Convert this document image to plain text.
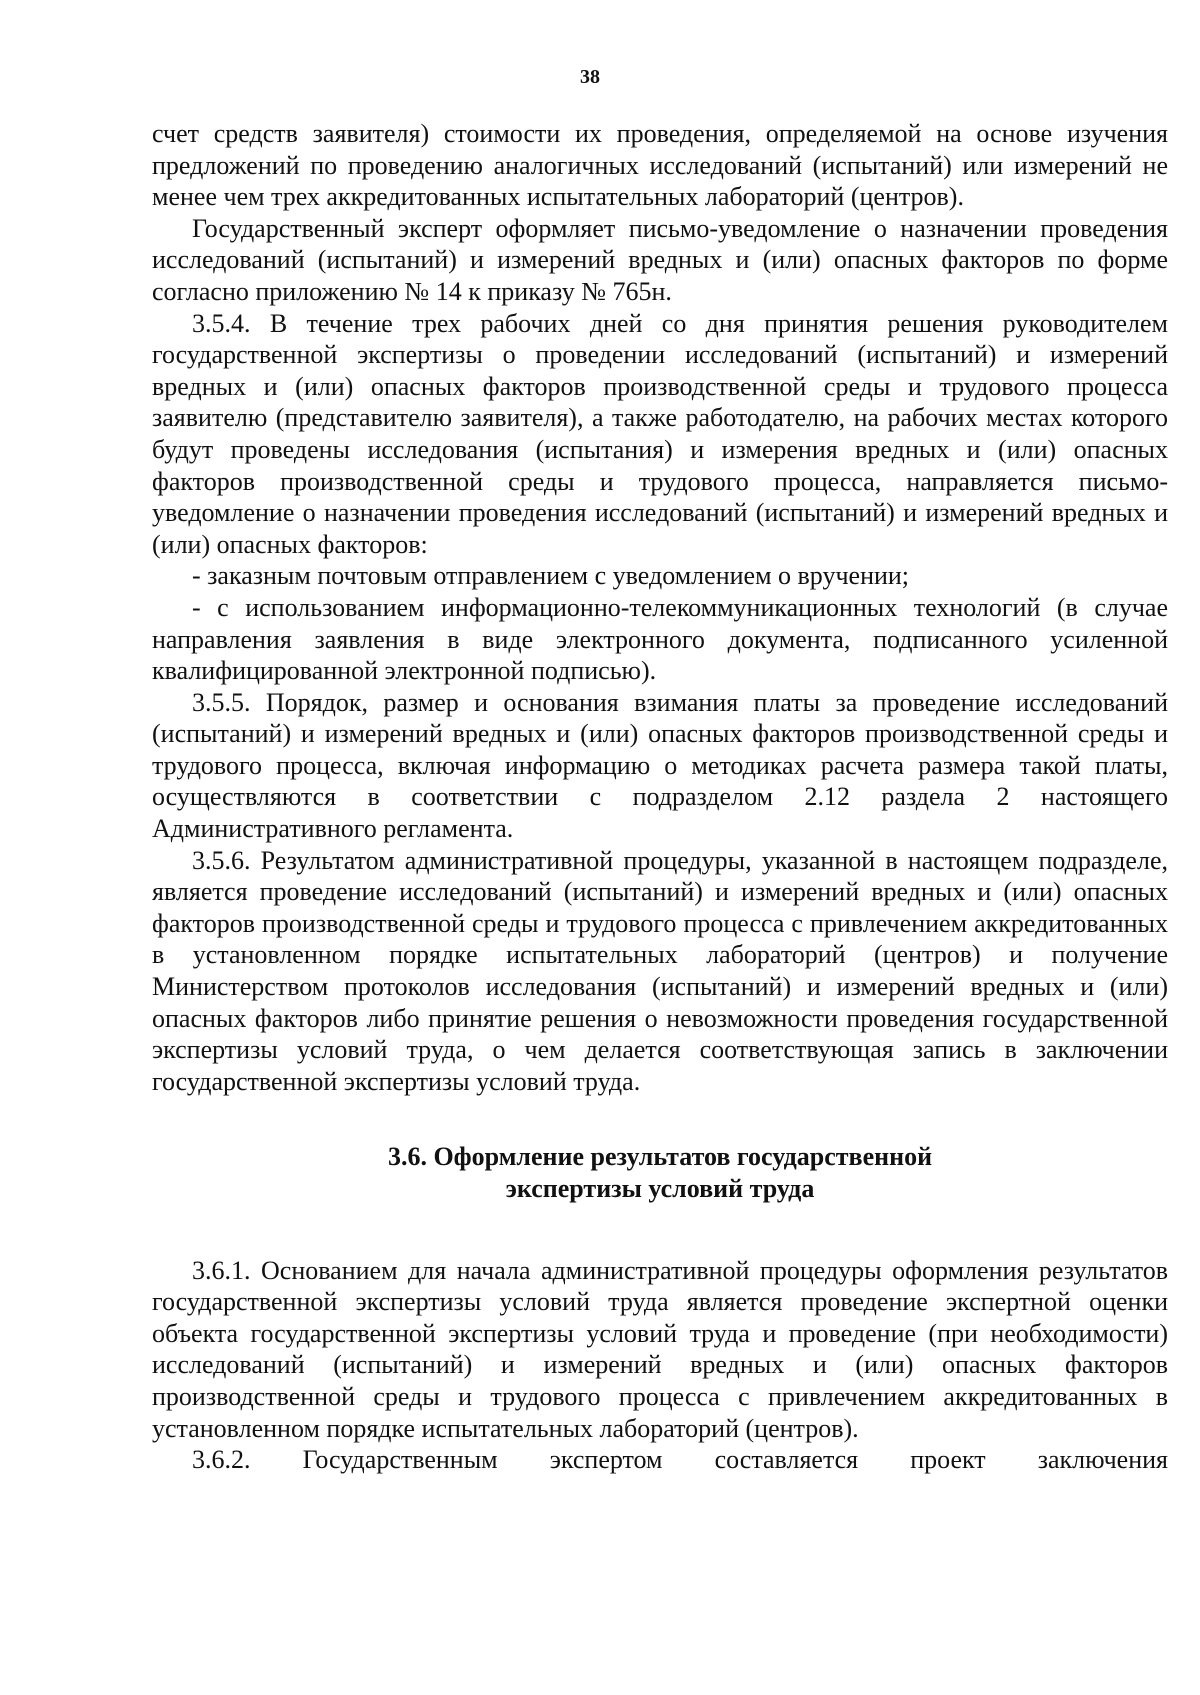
38

счет средств заявителя) стоимости их проведения, определяемой на основе изучения предложений по проведению аналогичных исследований (испытаний) или измерений не менее чем трех аккредитованных испытательных лабораторий (центров).

Государственный эксперт оформляет письмо-уведомление о назначении проведения исследований (испытаний) и измерений вредных и (или) опасных факторов по форме согласно приложению № 14 к приказу № 765н.

3.5.4. В течение трех рабочих дней со дня принятия решения руководителем государственной экспертизы о проведении исследований (испытаний) и измерений вредных и (или) опасных факторов производственной среды и трудового процесса заявителю (представителю заявителя), а также работодателю, на рабочих местах которого будут проведены исследования (испытания) и измерения вредных и (или) опасных факторов производственной среды и трудового процесса, направляется письмо-уведомление о назначении проведения исследований (испытаний) и измерений вредных и (или) опасных факторов:

- заказным почтовым отправлением с уведомлением о вручении;

- с использованием информационно-телекоммуникационных технологий (в случае направления заявления в виде электронного документа, подписанного усиленной квалифицированной электронной подписью).

3.5.5. Порядок, размер и основания взимания платы за проведение исследований (испытаний) и измерений вредных и (или) опасных факторов производственной среды и трудового процесса, включая информацию о методиках расчета размера такой платы, осуществляются в соответствии с подразделом 2.12 раздела 2 настоящего Административного регламента.

3.5.6. Результатом административной процедуры, указанной в настоящем подразделе, является проведение исследований (испытаний) и измерений вредных и (или) опасных факторов производственной среды и трудового процесса с привлечением аккредитованных в установленном порядке испытательных лабораторий (центров) и получение Министерством протоколов исследования (испытаний) и измерений вредных и (или) опасных факторов либо принятие решения о невозможности проведения государственной экспертизы условий труда, о чем делается соответствующая запись в заключении государственной экспертизы условий труда.

3.6. Оформление результатов государственной
экспертизы условий труда

3.6.1. Основанием для начала административной процедуры оформления результатов государственной экспертизы условий труда является проведение экспертной оценки объекта государственной экспертизы условий труда и проведение (при необходимости) исследований (испытаний) и измерений вредных и (или) опасных факторов производственной среды и трудового процесса с привлечением аккредитованных в установленном порядке испытательных лабораторий (центров).

3.6.2. Государственным экспертом составляется проект заключения
